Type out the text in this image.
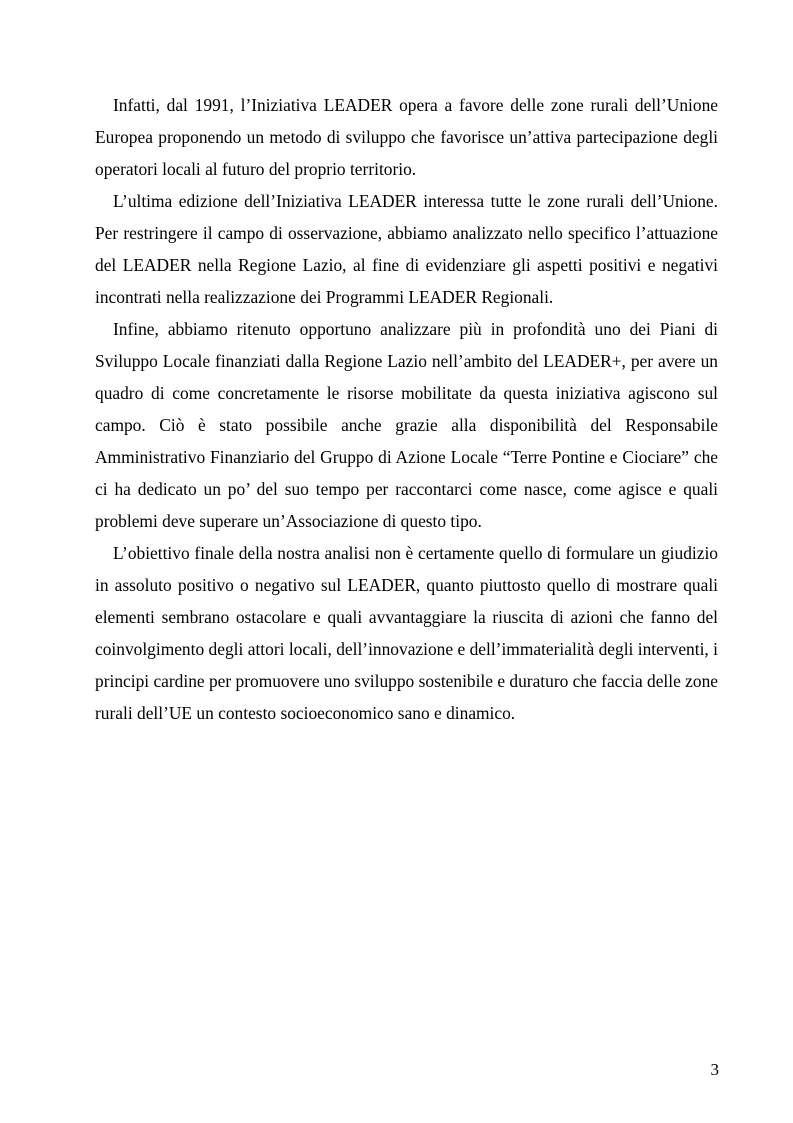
Infatti, dal 1991, l’Iniziativa LEADER opera a favore delle zone rurali dell’Unione Europea proponendo un metodo di sviluppo che favorisce un’attiva partecipazione degli operatori locali al futuro del proprio territorio.

L’ultima edizione dell’Iniziativa LEADER interessa tutte le zone rurali dell’Unione. Per restringere il campo di osservazione, abbiamo analizzato nello specifico l’attuazione del LEADER nella Regione Lazio, al fine di evidenziare gli aspetti positivi e negativi incontrati nella realizzazione dei Programmi LEADER Regionali.

Infine, abbiamo ritenuto opportuno analizzare più in profondità uno dei Piani di Sviluppo Locale finanziati dalla Regione Lazio nell’ambito del LEADER+, per avere un quadro di come concretamente le risorse mobilitate da questa iniziativa agiscono sul campo. Ciò è stato possibile anche grazie alla disponibilità del Responsabile Amministrativo Finanziario del Gruppo di Azione Locale “Terre Pontine e Ciociare” che ci ha dedicato un po’ del suo tempo per raccontarci come nasce, come agisce e quali problemi deve superare un’Associazione di questo tipo.

L’obiettivo finale della nostra analisi non è certamente quello di formulare un giudizio in assoluto positivo o negativo sul LEADER, quanto piuttosto quello di mostrare quali elementi sembrano ostacolare e quali avvantaggiare la riuscita di azioni che fanno del coinvolgimento degli attori locali, dell’innovazione e dell’immaterialità degli interventi, i principi cardine per promuovere uno sviluppo sostenibile e duraturo che faccia delle zone rurali dell’UE un contesto socioeconomico sano e dinamico.

3
